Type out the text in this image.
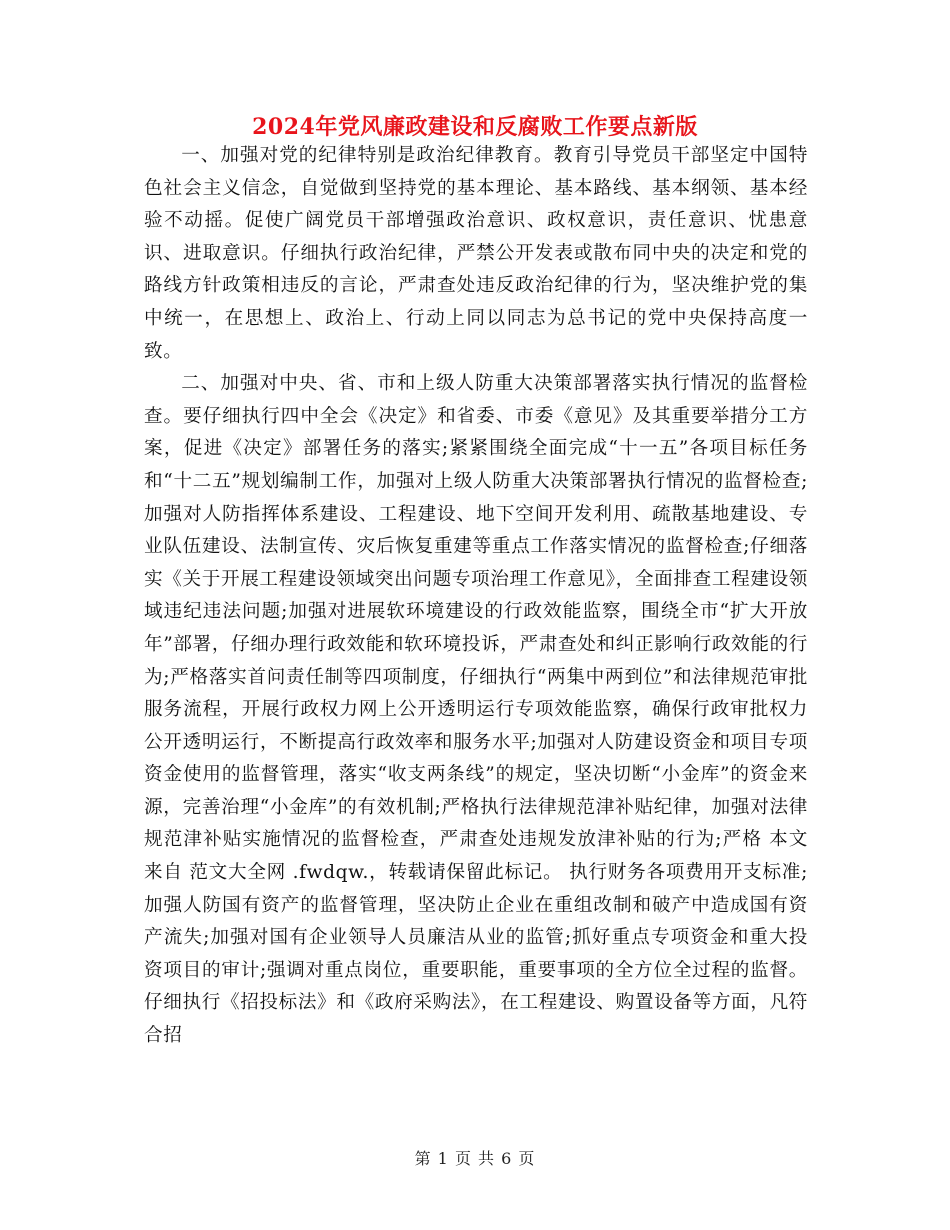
2024年党风廉政建设和反腐败工作要点新版

一、加强对党的纪律特别是政治纪律教育。教育引导党员干部坚定中国特色社会主义信念，自觉做到坚持党的基本理论、基本路线、基本纲领、基本经验不动摇。促使广阔党员干部增强政治意识、政权意识，责任意识、忧患意识、进取意识。仔细执行政治纪律，严禁公开发表或散布同中央的决定和党的路线方针政策相违反的言论，严肃查处违反政治纪律的行为，坚决维护党的集中统一，在思想上、政治上、行动上同以同志为总书记的党中央保持高度一致。

二、加强对中央、省、市和上级人防重大决策部署落实执行情况的监督检查。要仔细执行四中全会《决定》和省委、市委《意见》及其重要举措分工方案，促进《决定》部署任务的落实;紧紧围绕全面完成“十一五”各项目标任务和“十二五”规划编制工作，加强对上级人防重大决策部署执行情况的监督检查;加强对人防指挥体系建设、工程建设、地下空间开发利用、疏散基地建设、专业队伍建设、法制宣传、灾后恢复重建等重点工作落实情况的监督检查;仔细落实《关于开展工程建设领域突出问题专项治理工作意见》，全面排查工程建设领域违纪违法问题;加强对进展软环境建设的行政效能监察，围绕全市“扩大开放年”部署，仔细办理行政效能和软环境投诉，严肃查处和纠正影响行政效能的行为;严格落实首问责任制等四项制度，仔细执行“两集中两到位”和法律规范审批服务流程，开展行政权力网上公开透明运行专项效能监察，确保行政审批权力公开透明运行，不断提高行政效率和服务水平;加强对人防建设资金和项目专项资金使用的监督管理，落实“收支两条线”的规定，坚决切断“小金库”的资金来源，完善治理“小金库”的有效机制;严格执行法律规范津补贴纪律，加强对法律规范津补贴实施情况的监督检查，严肃查处违规发放津补贴的行为;严格 本文来自 范文大全网 .fwdqw.，转载请保留此标记。 执行财务各项费用开支标准;加强人防国有资产的监督管理，坚决防止企业在重组改制和破产中造成国有资产流失;加强对国有企业领导人员廉洁从业的监管;抓好重点专项资金和重大投资项目的审计;强调对重点岗位，重要职能，重要事项的全方位全过程的监督。仔细执行《招投标法》和《政府采购法》，在工程建设、购置设备等方面，凡符合招

第 1 页 共 6 页
